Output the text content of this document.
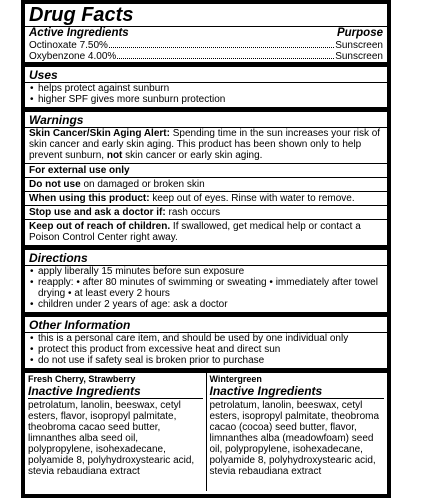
Drug Facts
Active Ingredients	Purpose
Octinoxate 7.50%	Sunscreen
Oxybenzone 4.00%	Sunscreen
Uses
• helps protect against sunburn
• higher SPF gives more sunburn protection
Warnings
Skin Cancer/Skin Aging Alert: Spending time in the sun increases your risk of skin cancer and early skin aging. This product has been shown only to help prevent sunburn, not skin cancer or early skin aging.
For external use only
Do not use on damaged or broken skin
When using this product: keep out of eyes. Rinse with water to remove.
Stop use and ask a doctor if: rash occurs
Keep out of reach of children. If swallowed, get medical help or contact a Poison Control Center right away.
Directions
• apply liberally 15 minutes before sun exposure
• reapply: • after 80 minutes of swimming or sweating • immediately after towel drying • at least every 2 hours
• children under 2 years of age: ask a doctor
Other Information
• this is a personal care item, and should be used by one individual only
• protect this product from excessive heat and direct sun
• do not use if safety seal is broken prior to purchase
Fresh Cherry, Strawberry
Inactive Ingredients
petrolatum, lanolin, beeswax, cetyl esters, flavor, isopropyl palmitate, theobroma cacao seed butter, limnanthes alba seed oil, polypropylene, isohexadecane, polyamide 8, polyhydroxystearic acid, stevia rebaudiana extract
Wintergreen
Inactive Ingredients
petrolatum, lanolin, beeswax, cetyl esters, isopropyl palmitate, theobroma cacao (cocoa) seed butter, flavor, limnanthes alba (meadowfoam) seed oil, polypropylene, isohexadecane, polyamide 8, polyhydroxystearic acid, stevia rebaudiana extract
